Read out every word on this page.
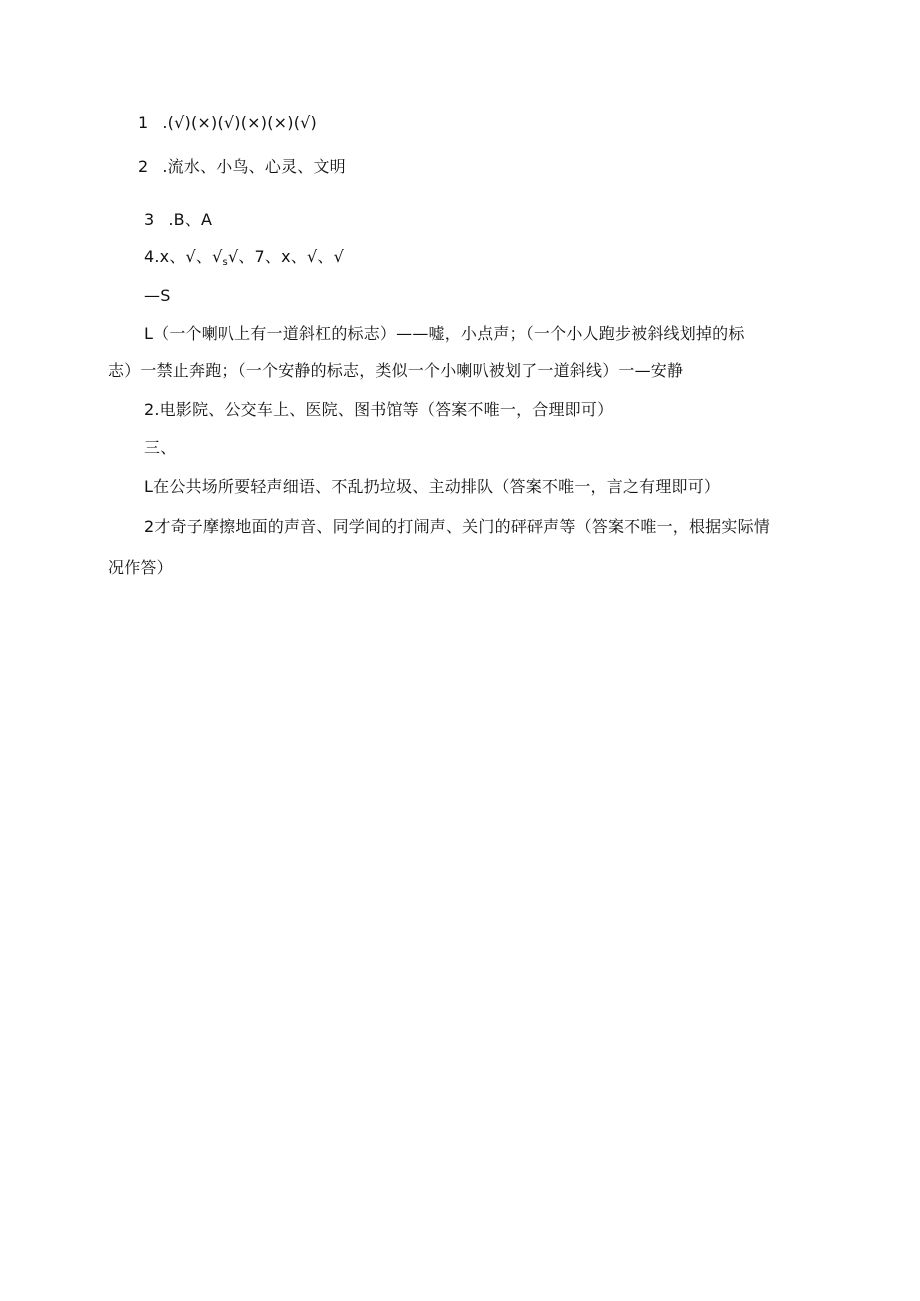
1 .(√)(×)(√)(×)(×)(√)
2 .流水、小鸟、心灵、文明
3 .B、A
4.x、√、$√_s√$、7、x、√、√
—S
L（一个喇叭上有一道斜杠的标志）——嘘，小点声；（一个小人跑步被斜线划掉的标
志）一禁止奔跑；（一个安静的标志，类似一个小喇叭被划了一道斜线）一—安静
2.电影院、公交车上、医院、图书馆等（答案不唯一，合理即可）
三、
L在公共场所要轻声细语、不乱扔垃圾、主动排队（答案不唯一，言之有理即可）
2才奇子摩擦地面的声音、同学间的打闹声、关门的砰砰声等（答案不唯一，根据实际情
况作答）
